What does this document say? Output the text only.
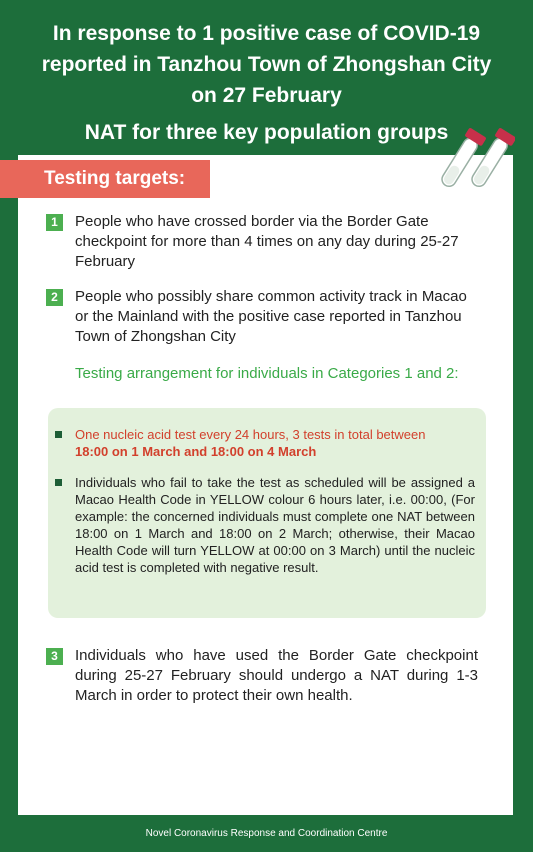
In response to 1 positive case of COVID-19
reported in Tanzhou Town of Zhongshan City
on 27 February
NAT for three key population groups
Testing targets:
1	People who have crossed border via the Border Gate checkpoint for more than 4 times on any day during 25-27 February
2	People who possibly share common activity track in Macao or the Mainland with the positive case reported in Tanzhou Town of Zhongshan City
Testing arrangement for individuals in Categories 1 and 2:
One nucleic acid test every 24 hours, 3 tests in total between
18:00 on 1 March and 18:00 on 4 March
Individuals who fail to take the test as scheduled will be assigned a Macao Health Code in YELLOW colour 6 hours later, i.e. 00:00, (For example: the concerned individuals must complete one NAT between 18:00 on 1 March and 18:00 on 2 March; otherwise, their Macao Health Code will turn YELLOW at 00:00 on 3 March) until the nucleic acid test is completed with negative result.
3	Individuals who have used the Border Gate checkpoint during 25-27 February should undergo a NAT during 1-3 March in order to protect their own health.
Novel Coronavirus Response and Coordination Centre
